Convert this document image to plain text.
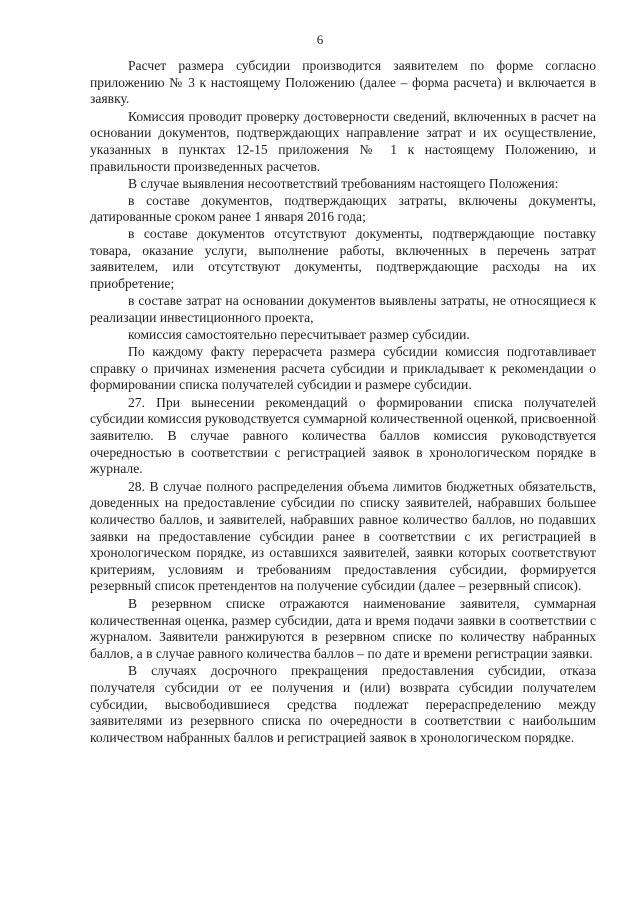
6

Расчет размера субсидии производится заявителем по форме согласно приложению № 3 к настоящему Положению (далее – форма расчета) и включается в заявку.

Комиссия проводит проверку достоверности сведений, включенных в расчет на основании документов, подтверждающих направление затрат и их осуществление, указанных в пунктах 12-15 приложения № 1 к настоящему Положению, и правильности произведенных расчетов.

В случае выявления несоответствий требованиям настоящего Положения:

в составе документов, подтверждающих затраты, включены документы, датированные сроком ранее 1 января 2016 года;

в составе документов отсутствуют документы, подтверждающие поставку товара, оказание услуги, выполнение работы, включенных в перечень затрат заявителем, или отсутствуют документы, подтверждающие расходы на их приобретение;

в составе затрат на основании документов выявлены затраты, не относящиеся к реализации инвестиционного проекта,

комиссия самостоятельно пересчитывает размер субсидии.

По каждому факту перерасчета размера субсидии комиссия подготавливает справку о причинах изменения расчета субсидии и прикладывает к рекомендации о формировании списка получателей субсидии и размере субсидии.

27. При вынесении рекомендаций о формировании списка получателей субсидии комиссия руководствуется суммарной количественной оценкой, присвоенной заявителю. В случае равного количества баллов комиссия руководствуется очередностью в соответствии с регистрацией заявок в хронологическом порядке в журнале.

28. В случае полного распределения объема лимитов бюджетных обязательств, доведенных на предоставление субсидии по списку заявителей, набравших большее количество баллов, и заявителей, набравших равное количество баллов, но подавших заявки на предоставление субсидии ранее в соответствии с их регистрацией в хронологическом порядке, из оставшихся заявителей, заявки которых соответствуют критериям, условиям и требованиям предоставления субсидии, формируется резервный список претендентов на получение субсидии (далее – резервный список).

В резервном списке отражаются наименование заявителя, суммарная количественная оценка, размер субсидии, дата и время подачи заявки в соответствии с журналом. Заявители ранжируются в резервном списке по количеству набранных баллов, а в случае равного количества баллов – по дате и времени регистрации заявки.

В случаях досрочного прекращения предоставления субсидии, отказа получателя субсидии от ее получения и (или) возврата субсидии получателем субсидии, высвободившиеся средства подлежат перераспределению между заявителями из резервного списка по очередности в соответствии с наибольшим количеством набранных баллов и регистрацией заявок в хронологическом порядке.
